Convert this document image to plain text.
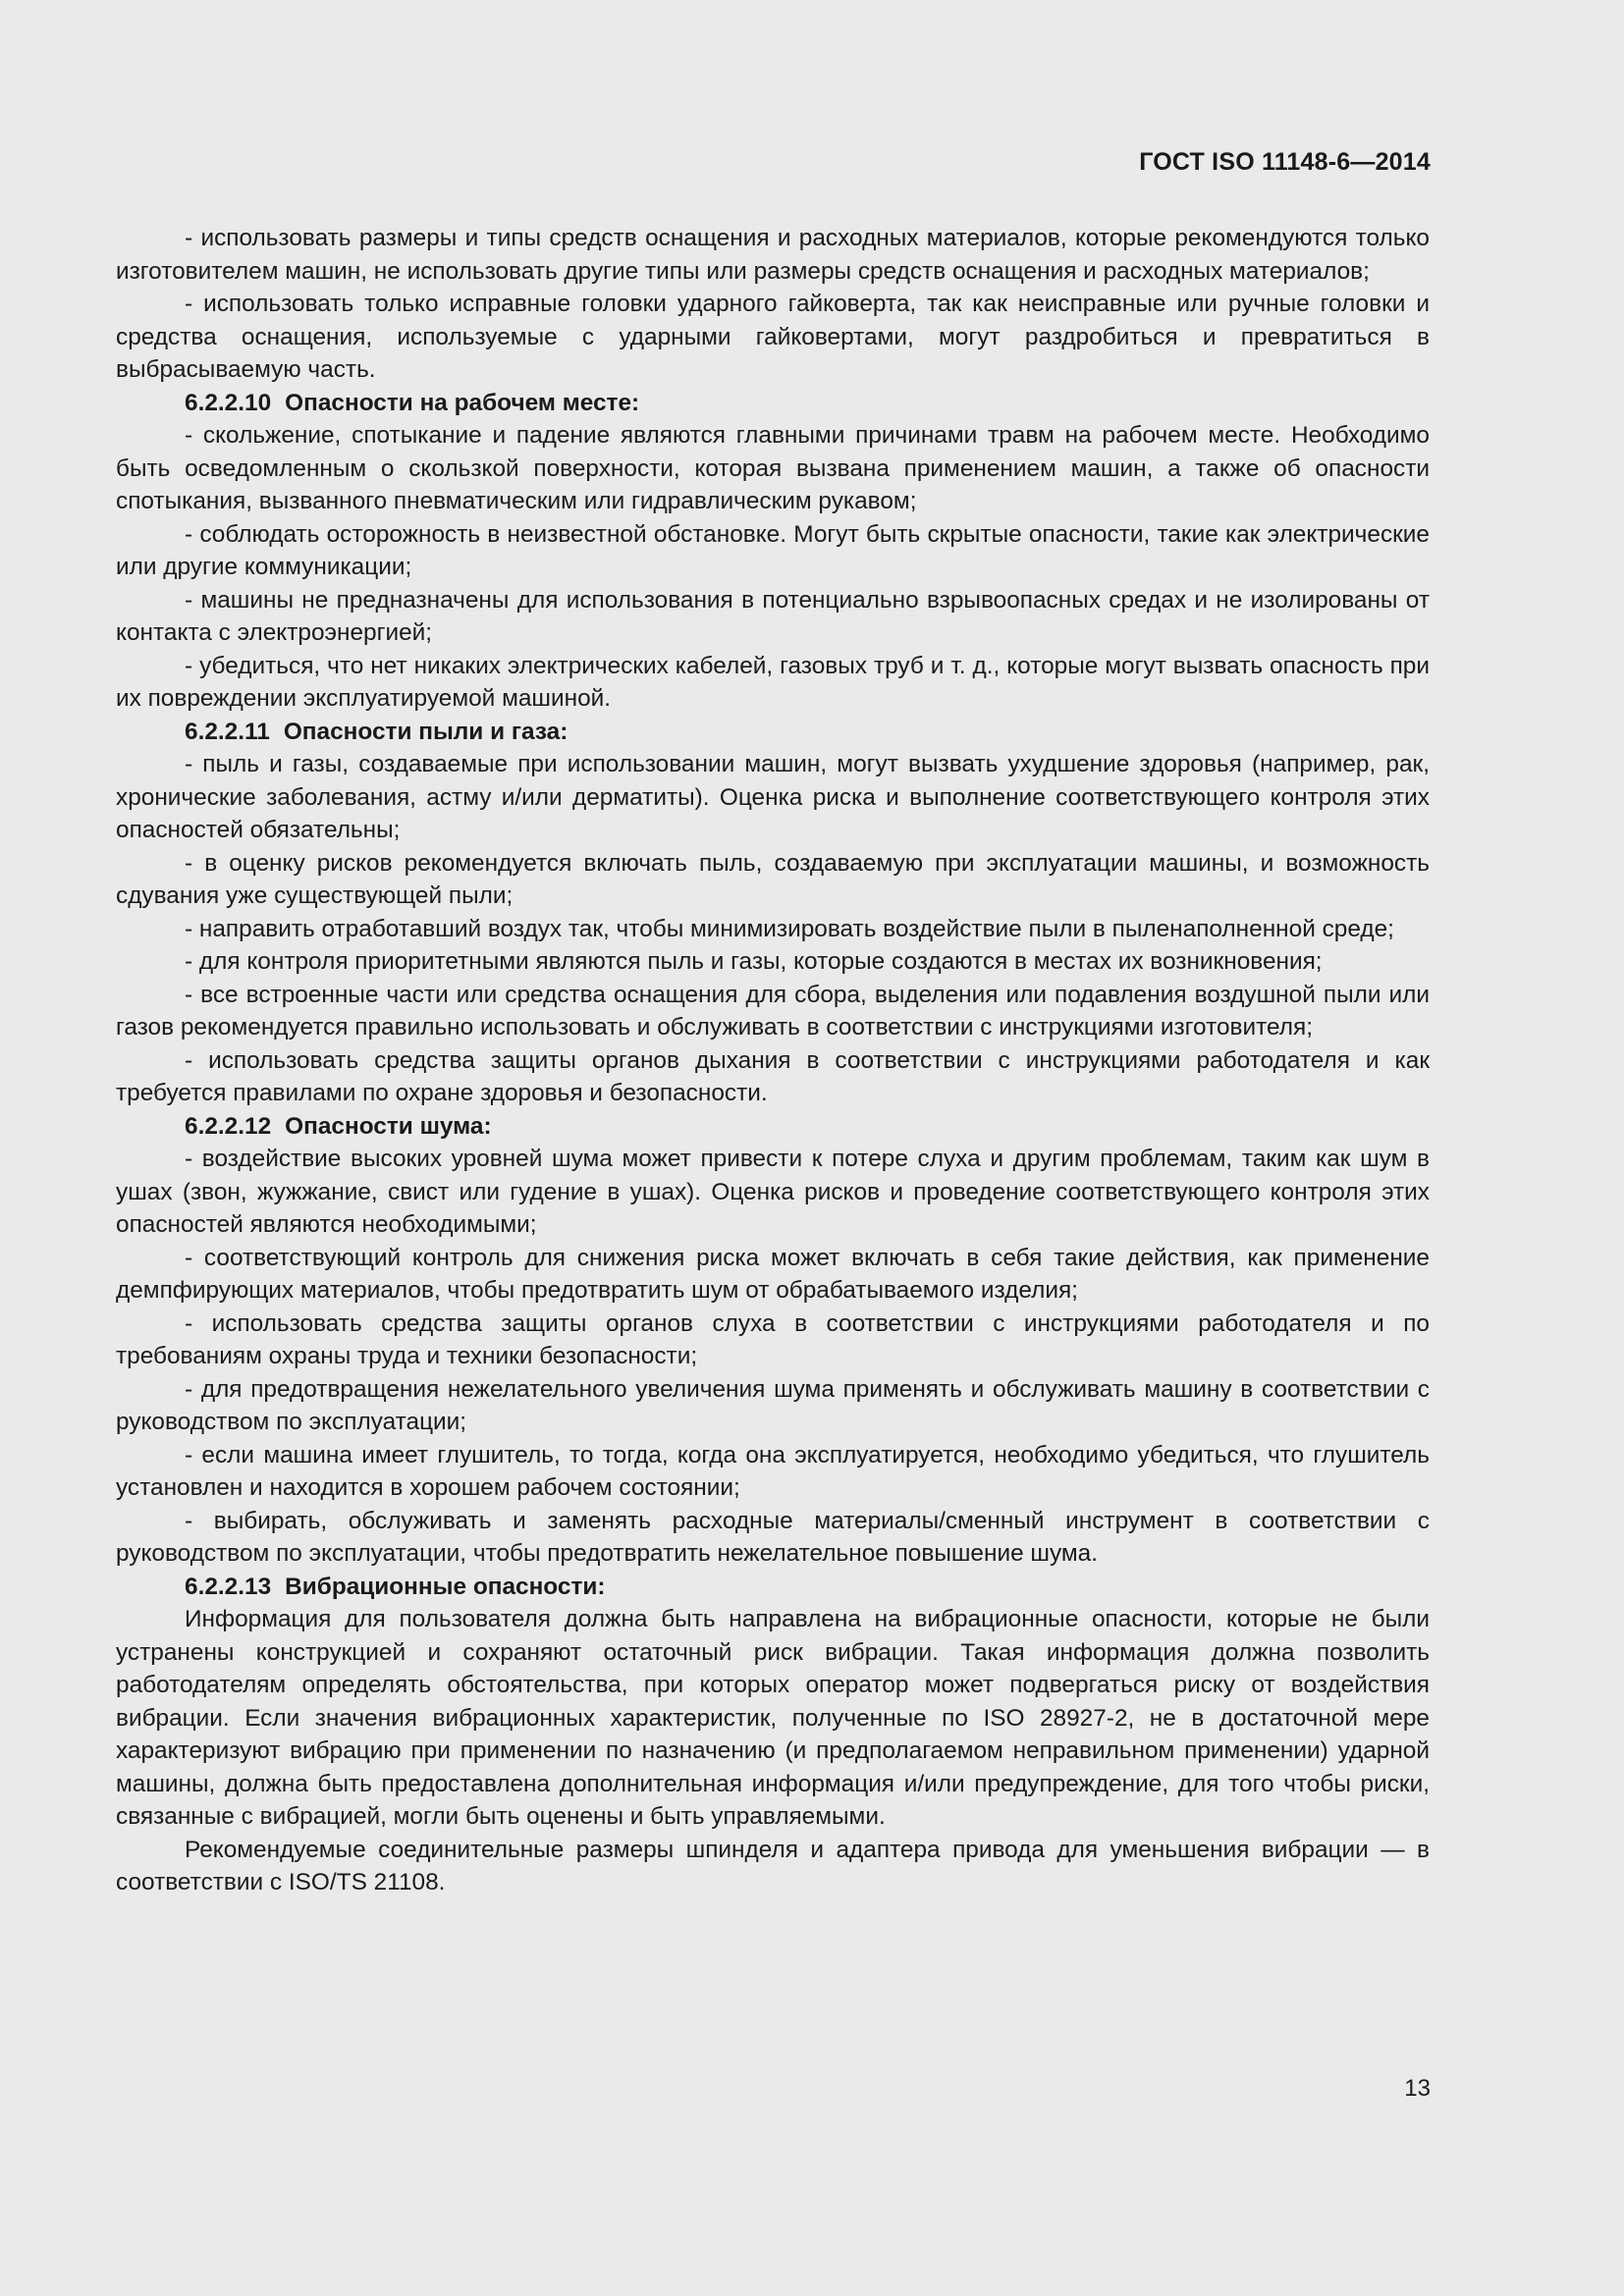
ГОСТ ISO 11148-6—2014

- использовать размеры и типы средств оснащения и расходных материалов, которые рекомендуются только изготовителем машин, не использовать другие типы или размеры средств оснащения и расходных материалов;

- использовать только исправные головки ударного гайковерта, так как неисправные или ручные головки и средства оснащения, используемые с ударными гайковертами, могут раздробиться и превратиться в выбрасываемую часть.

6.2.2.10 Опасности на рабочем месте:

- скольжение, спотыкание и падение являются главными причинами травм на рабочем месте. Необходимо быть осведомленным о скользкой поверхности, которая вызвана применением машин, а также об опасности спотыкания, вызванного пневматическим или гидравлическим рукавом;

- соблюдать осторожность в неизвестной обстановке. Могут быть скрытые опасности, такие как электрические или другие коммуникации;

- машины не предназначены для использования в потенциально взрывоопасных средах и не изолированы от контакта с электроэнергией;

- убедиться, что нет никаких электрических кабелей, газовых труб и т. д., которые могут вызвать опасность при их повреждении эксплуатируемой машиной.

6.2.2.11 Опасности пыли и газа:

- пыль и газы, создаваемые при использовании машин, могут вызвать ухудшение здоровья (например, рак, хронические заболевания, астму и/или дерматиты). Оценка риска и выполнение соответствующего контроля этих опасностей обязательны;

- в оценку рисков рекомендуется включать пыль, создаваемую при эксплуатации машины, и возможность сдувания уже существующей пыли;

- направить отработавший воздух так, чтобы минимизировать воздействие пыли в пыленаполненной среде;

- для контроля приоритетными являются пыль и газы, которые создаются в местах их возникновения;

- все встроенные части или средства оснащения для сбора, выделения или подавления воздушной пыли или газов рекомендуется правильно использовать и обслуживать в соответствии с инструкциями изготовителя;

- использовать средства защиты органов дыхания в соответствии с инструкциями работодателя и как требуется правилами по охране здоровья и безопасности.

6.2.2.12 Опасности шума:

- воздействие высоких уровней шума может привести к потере слуха и другим проблемам, таким как шум в ушах (звон, жужжание, свист или гудение в ушах). Оценка рисков и проведение соответствующего контроля этих опасностей являются необходимыми;

- соответствующий контроль для снижения риска может включать в себя такие действия, как применение демпфирующих материалов, чтобы предотвратить шум от обрабатываемого изделия;

- использовать средства защиты органов слуха в соответствии с инструкциями работодателя и по требованиям охраны труда и техники безопасности;

- для предотвращения нежелательного увеличения шума применять и обслуживать машину в соответствии с руководством по эксплуатации;

- если машина имеет глушитель, то тогда, когда она эксплуатируется, необходимо убедиться, что глушитель установлен и находится в хорошем рабочем состоянии;

- выбирать, обслуживать и заменять расходные материалы/сменный инструмент в соответствии с руководством по эксплуатации, чтобы предотвратить нежелательное повышение шума.

6.2.2.13 Вибрационные опасности:

Информация для пользователя должна быть направлена на вибрационные опасности, которые не были устранены конструкцией и сохраняют остаточный риск вибрации. Такая информация должна позволить работодателям определять обстоятельства, при которых оператор может подвергаться риску от воздействия вибрации. Если значения вибрационных характеристик, полученные по ISO 28927-2, не в достаточной мере характеризуют вибрацию при применении по назначению (и предполагаемом неправильном применении) ударной машины, должна быть предоставлена дополнительная информация и/или предупреждение, для того чтобы риски, связанные с вибрацией, могли быть оценены и быть управляемыми.

Рекомендуемые соединительные размеры шпинделя и адаптера привода для уменьшения вибрации — в соответствии с ISO/TS 21108.

13
